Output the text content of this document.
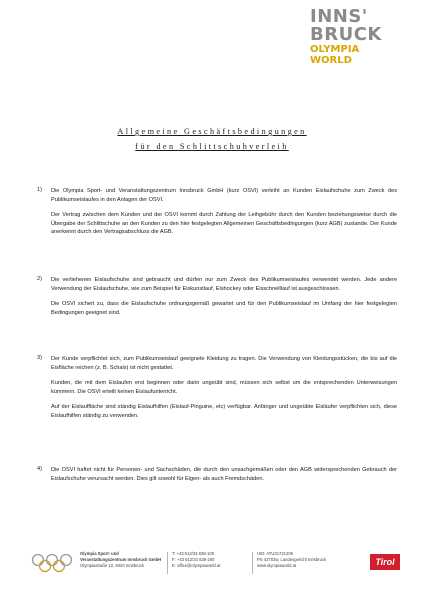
INNS'
BRUCK
OLYMPIA
WORLD
Allgemeine Geschäftsbedingungen
für den Schlittschuhverleih
1) Die Olympia Sport- und Veranstaltungszentrum Innsbruck GmbH (kurz OSVI) verleiht an Kunden Eislaufschuhe zum Zweck des Publikumseislaufes in den Anlagen der OSVI.

Der Vertrag zwischen dem Kunden und der OSVI kommt durch Zahlung der Leihgebühr durch den Kunden beziehungsweise durch die Übergabe der Schlittschuhe an den Kunden zu den hier festgelegten Allgemeinen Geschäftsbedingungen (kurz AGB) zustande. Der Kunde anerkennt durch den Vertragsabschluss die AGB.

2) Die verliehenen Eislaufschuhe sind gebraucht und dürfen nur zum Zweck des Publikumseislaufes verwendet werden. Jede andere Verwendung der Eislaufschuhe, wie zum Beispiel für Eiskunstlauf, Eishockey oder Eisschnelllauf ist ausgeschlossen.

Die OSVI sichert zu, dass die Eislaufschuhe ordnungsgemäß gewartet und für den Publikumseislauf im Umfang der hier festgelegten Bedingungen geeignet sind.

3) Der Kunde verpflichtet sich, zum Publikumseislauf geeignete Kleidung zu tragen. Die Verwendung von Kleidungsstücken, die bis auf die Eisfläche reichen (z. B. Schals) ist nicht gestattet.

Kunden, die mit dem Eislaufen erst beginnen oder darin ungeübt sind, müssen sich selbst um die entsprechenden Unterweisungen kümmern. Die OSVI erteilt keinen Eislaufunterricht.

Auf der Eislauffläche sind ständig Eislaufhilfen (Eislauf-Pinguine, etc) verfügbar. Anfänger und ungeübte Eisläufer verpflichten sich, diese Eislaufhilfen ständig zu verwenden.

4) Die OSVI haftet nicht für Personen- und Sachschäden, die durch den unsachgemäßen oder den AGB widersprechenden Gebrauch der Eislaufschuhe verursacht werden. Dies gilt sowohl für Eigen- als auch Fremdschäden.

Olympia Sport- und
Veranstaltungszentrum Innsbruck GmbH
Olympiastraße 10, 6020 Innsbruck
T: +43 512/33 838-100
F: +43 512/33 838-200
E: office@olympiaworld.at
UID: ATU31721205
FN 43703w, Landesgericht Innsbruck
www.olympiaworld.at	Tirol
